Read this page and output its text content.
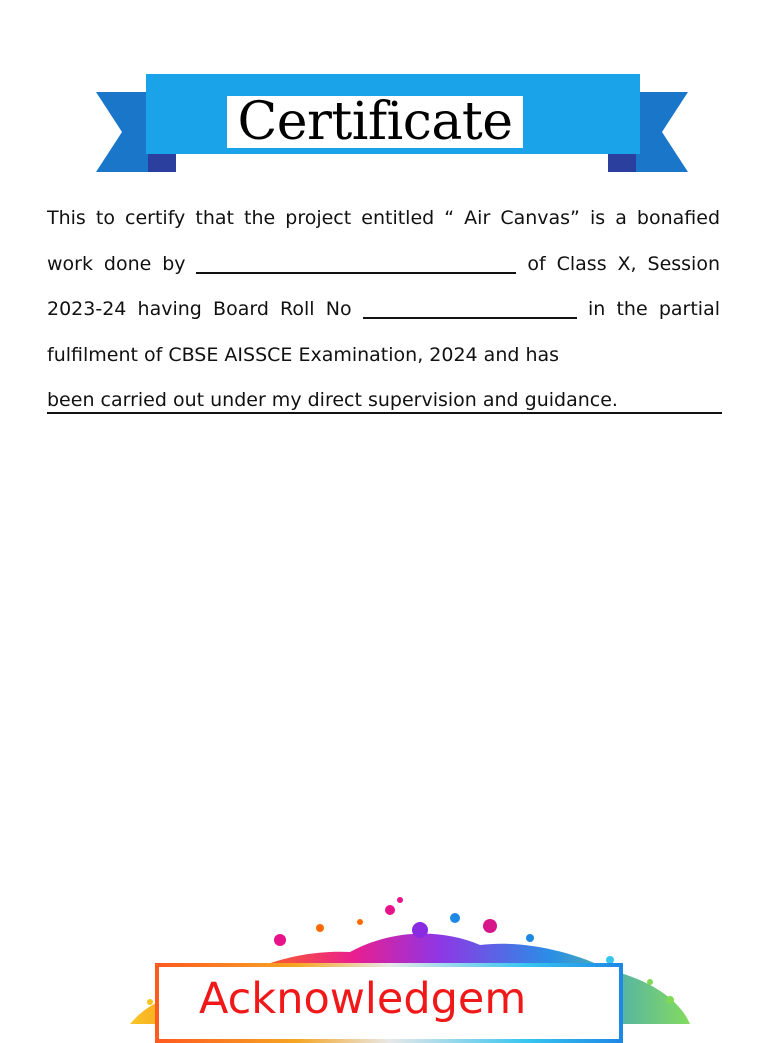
Certificate
This to certify that the project entitled “ Air Canvas” is a bonafied work done by	of Class X, Session 2023-24 having Board Roll No	in the partial fulfilment of CBSE AISSCE Examination, 2024 and has
been carried out under my direct supervision and guidance.
Acknowledgem
